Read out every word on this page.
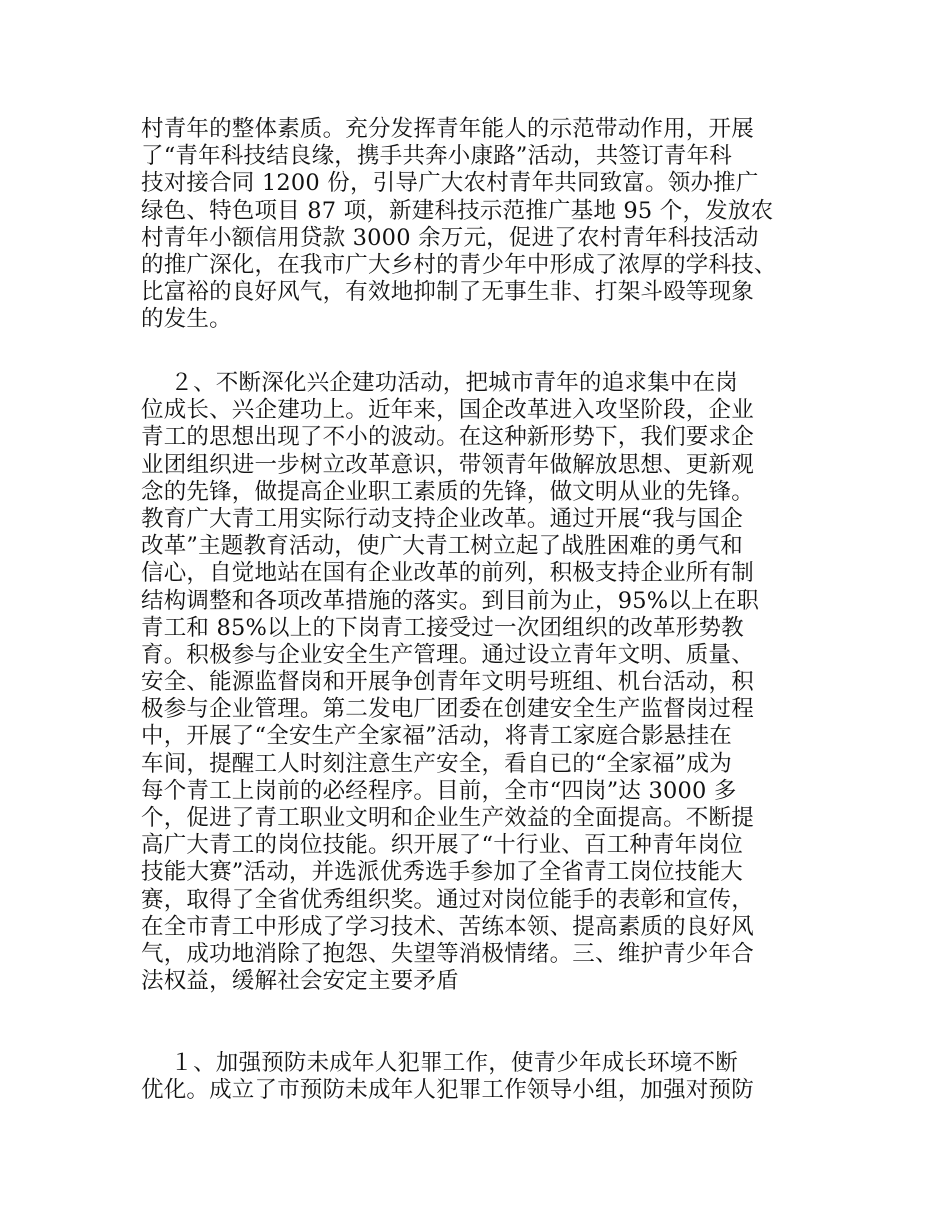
村青年的整体素质。充分发挥青年能人的示范带动作用，开展
了“青年科技结良缘，携手共奔小康路”活动，共签订青年科
技对接合同 1200 份，引导广大农村青年共同致富。领办推广
绿色、特色项目 87 项，新建科技示范推广基地 95 个，发放农
村青年小额信用贷款 3000 余万元，促进了农村青年科技活动
的推广深化，在我市广大乡村的青少年中形成了浓厚的学科技、
比富裕的良好风气，有效地抑制了无事生非、打架斗殴等现象
的发生。
２、不断深化兴企建功活动，把城市青年的追求集中在岗
位成长、兴企建功上。近年来，国企改革进入攻坚阶段，企业
青工的思想出现了不小的波动。在这种新形势下，我们要求企
业团组织进一步树立改革意识，带领青年做解放思想、更新观
念的先锋，做提高企业职工素质的先锋，做文明从业的先锋。
教育广大青工用实际行动支持企业改革。通过开展“我与国企
改革”主题教育活动，使广大青工树立起了战胜困难的勇气和
信心，自觉地站在国有企业改革的前列，积极支持企业所有制
结构调整和各项改革措施的落实。到目前为止，95%以上在职
青工和 85%以上的下岗青工接受过一次团组织的改革形势教
育。积极参与企业安全生产管理。通过设立青年文明、质量、
安全、能源监督岗和开展争创青年文明号班组、机台活动，积
极参与企业管理。第二发电厂团委在创建安全生产监督岗过程
中，开展了“全安生产全家福”活动，将青工家庭合影悬挂在
车间，提醒工人时刻注意生产安全，看自已的“全家福”成为
每个青工上岗前的必经程序。目前，全市“四岗”达 3000 多
个，促进了青工职业文明和企业生产效益的全面提高。不断提
高广大青工的岗位技能。织开展了“十行业、百工种青年岗位
技能大赛”活动，并选派优秀选手参加了全省青工岗位技能大
赛，取得了全省优秀组织奖。通过对岗位能手的表彰和宣传，
在全市青工中形成了学习技术、苦练本领、提高素质的良好风
气，成功地消除了抱怨、失望等消极情绪。三、维护青少年合
法权益，缓解社会安定主要矛盾
１、加强预防未成年人犯罪工作，使青少年成长环境不断
优化。成立了市预防未成年人犯罪工作领导小组，加强对预防
